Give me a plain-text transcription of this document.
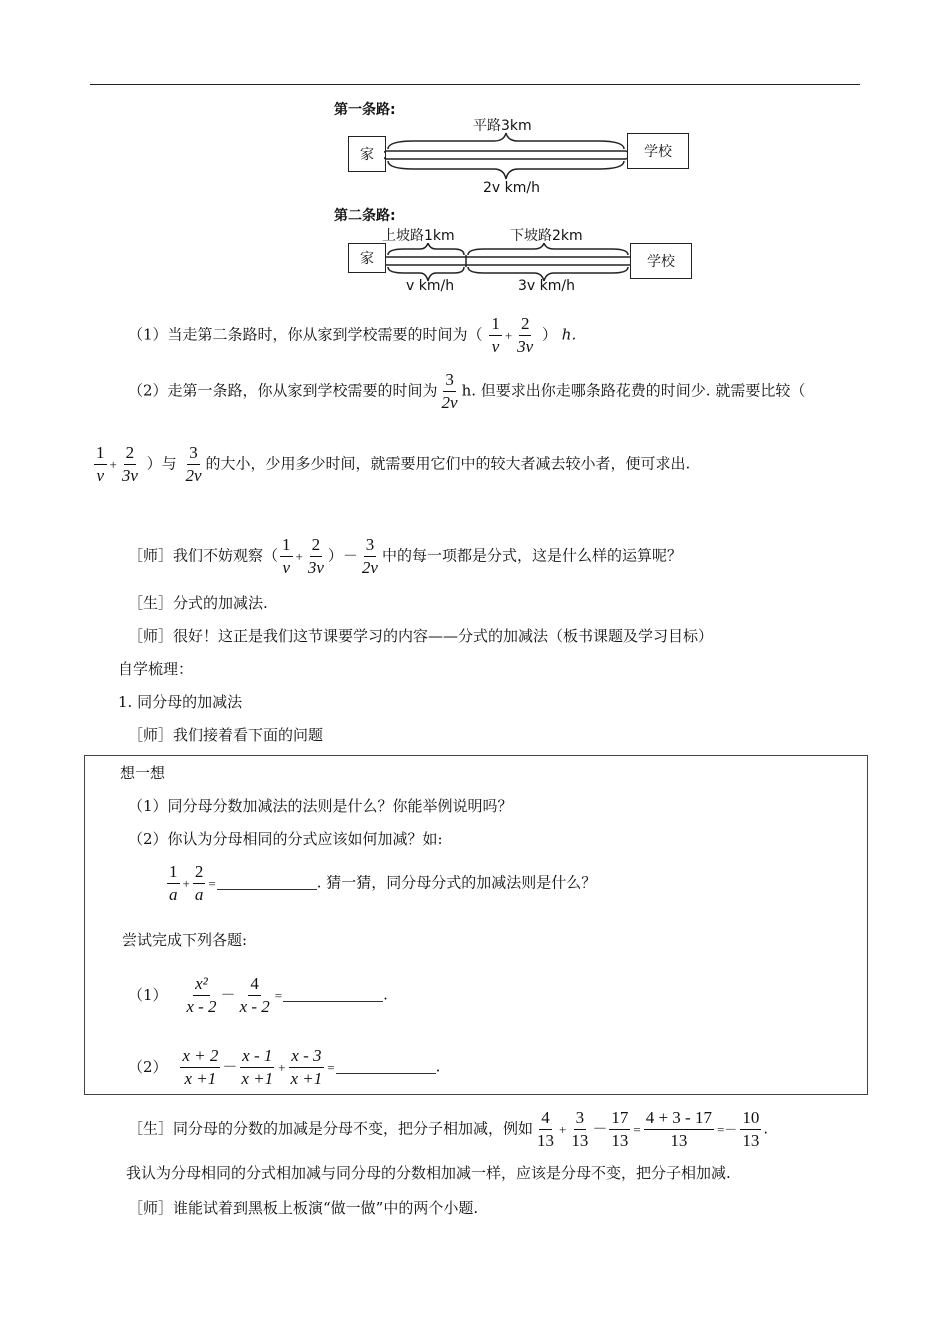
第一条路:
家	学校
平路3km
2v km/h
第二条路:
上坡路1km	下坡路2km
家	学校
v km/h	3v km/h
（1）当走第二条路时，你从家到学校需要的时间为（ $\frac{1}{v} + \frac{2}{3v}$ ） h.
（2）走第一条路，你从家到学校需要的时间为 $\frac{3}{2v} h$. 但要求出你走哪条路花费的时间少. 就需要比较（
$\frac{1}{v} + \frac{2}{3v}$ ）与 $\frac{3}{2v}$ 的大小，少用多少时间，就需要用它们中的较大者减去较小者，便可求出.
［师］我们不妨观察（ $\frac{1}{v} + \frac{2}{3v}$ ）－ $\frac{3}{2v}$ 中的每一项都是分式，这是什么样的运算呢？
［生］分式的加减法.
［师］很好！这正是我们这节课要学习的内容——分式的加减法（板书课题及学习目标）
自学梳理：
1. 同分母的加减法
［师］我们接着看下面的问题
想一想
（1）同分母分数加减法的法则是什么？你能举例说明吗？
（2）你认为分母相同的分式应该如何加减？如:
$\frac{1}{a} + \frac{2}{a}$ =	. 猜一猜，同分母分式的加减法则是什么？
尝试完成下列各题:
$(1) \frac{\text{x²}}{x - 2} - \frac{4}{x - 2}$ =	.
$(2) \frac{x + 2}{x +1} - \frac{x - 1}{x +1} + \frac{x - 3}{x +1}$ =	.
［生］同分母的分数的加减是分母不变，把分子相加减，例如 $\frac{4}{13} + \frac{3}{13} - \frac{17}{13} = \frac{4 + 3 - 17}{13} =- \frac{10}{13}$ .
我认为分母相同的分式相加减与同分母的分数相加减一样，应该是分母不变，把分子相加减.
［师］谁能试着到黑板上板演“做一做”中的两个小题.
